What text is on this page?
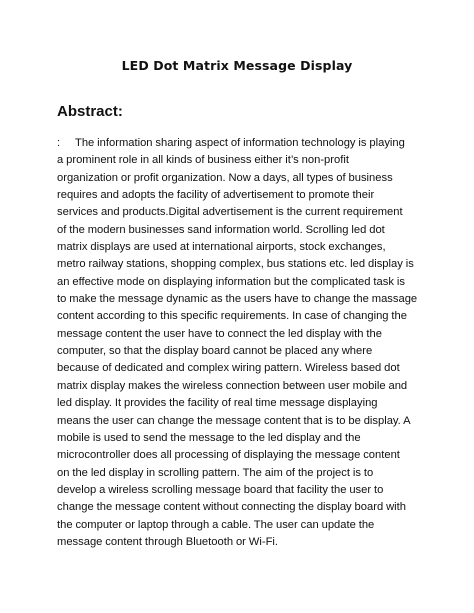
LED Dot Matrix Message Display
Abstract:
: The information sharing aspect of information technology is playing
a prominent role in all kinds of business either it’s non-profit
organization or profit organization. Now a days, all types of business
requires and adopts the facility of advertisement to promote their
services and products.Digital advertisement is the current requirement
of the modern businesses sand information world. Scrolling led dot
matrix displays are used at international airports, stock exchanges,
metro railway stations, shopping complex, bus stations etc. led display is
an effective mode on displaying information but the complicated task is
to make the message dynamic as the users have to change the massage
content according to this specific requirements. In case of changing the
message content the user have to connect the led display with the
computer, so that the display board cannot be placed any where
because of dedicated and complex wiring pattern. Wireless based dot
matrix display makes the wireless connection between user mobile and
led display. It provides the facility of real time message displaying
means the user can change the message content that is to be display. A
mobile is used to send the message to the led display and the
microcontroller does all processing of displaying the message content
on the led display in scrolling pattern. The aim of the project is to
develop a wireless scrolling message board that facility the user to
change the message content without connecting the display board with
the computer or laptop through a cable. The user can update the
message content through Bluetooth or Wi-Fi.
